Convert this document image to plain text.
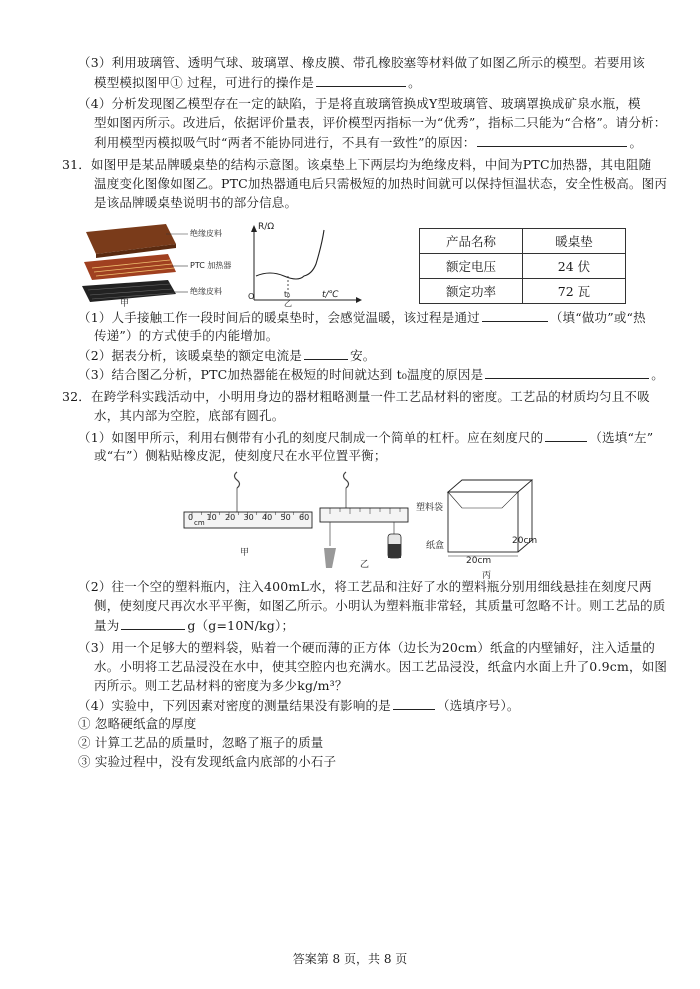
（3）利用玻璃管、透明气球、玻璃罩、橡皮膜、带孔橡胶塞等材料做了如图乙所示的模型。若要用该
模型模拟图甲① 过程，可进行的操作是	。
（4）分析发现图乙模型存在一定的缺陷，于是将直玻璃管换成Y型玻璃管、玻璃罩换成矿泉水瓶，模
型如图丙所示。改进后，依据评价量表，评价模型丙指标一为“优秀”，指标二只能为“合格”。请分析：
利用模型丙模拟吸气时“两者不能协同进行，不具有一致性”的原因：	。
31．如图甲是某品牌暖桌垫的结构示意图。该桌垫上下两层均为绝缘皮料，中间为PTC加热器，其电阻随
温度变化图像如图乙。PTC加热器通电后只需极短的加热时间就可以保持恒温状态，安全性极高。图丙
是该品牌暖桌垫说明书的部分信息。
（1）人手接触工作一段时间后的暖桌垫时，会感觉温暖，该过程是通过	（填“做功”或“热
传递”）的方式使手的内能增加。
（2）据表分析，该暖桌垫的额定电流是	安。
（3）结合图乙分析，PTC加热器能在极短的时间就达到 t₀温度的原因是	。
32．在跨学科实践活动中，小明用身边的器材粗略测量一件工艺品材料的密度。工艺品的材质均匀且不吸
水，其内部为空腔，底部有圆孔。
（1）如图甲所示，利用右侧带有小孔的刻度尺制成一个简单的杠杆。应在刻度尺的	（选填“左”
或“右”）侧粘贴橡皮泥，使刻度尺在水平位置平衡；
（2）往一个空的塑料瓶内，注入400mL水，将工艺品和注好了水的塑料瓶分别用细线悬挂在刻度尺两
侧，使刻度尺再次水平平衡，如图乙所示。小明认为塑料瓶非常轻，其质量可忽略不计。则工艺品的质
量为	g（g=10N/kg）；
（3）用一个足够大的塑料袋，贴着一个硬而薄的正方体（边长为20cm）纸盒的内壁铺好，注入适量的
水。小明将工艺品浸没在水中，使其空腔内也充满水。因工艺品浸没，纸盒内水面上升了0.9cm，如图
丙所示。则工艺品材料的密度为多少kg/m³？
（4）实验中，下列因素对密度的测量结果没有影响的是	（选填序号）。
① 忽略硬纸盒的厚度
② 计算工艺品的质量时，忽略了瓶子的质量
③ 实验过程中，没有发现纸盒内底部的小石子
绝缘皮料
PTC 加热器
绝缘皮料
甲
R/Ω
t/℃
t₀
O
乙
产品名称	暖桌垫
额定电压	24 伏
额定功率	72 瓦
0 10 20 30 40 50 60
cm
甲
乙
塑料袋
纸盒
20cm
20cm
丙
答案第 8 页，共 8 页
